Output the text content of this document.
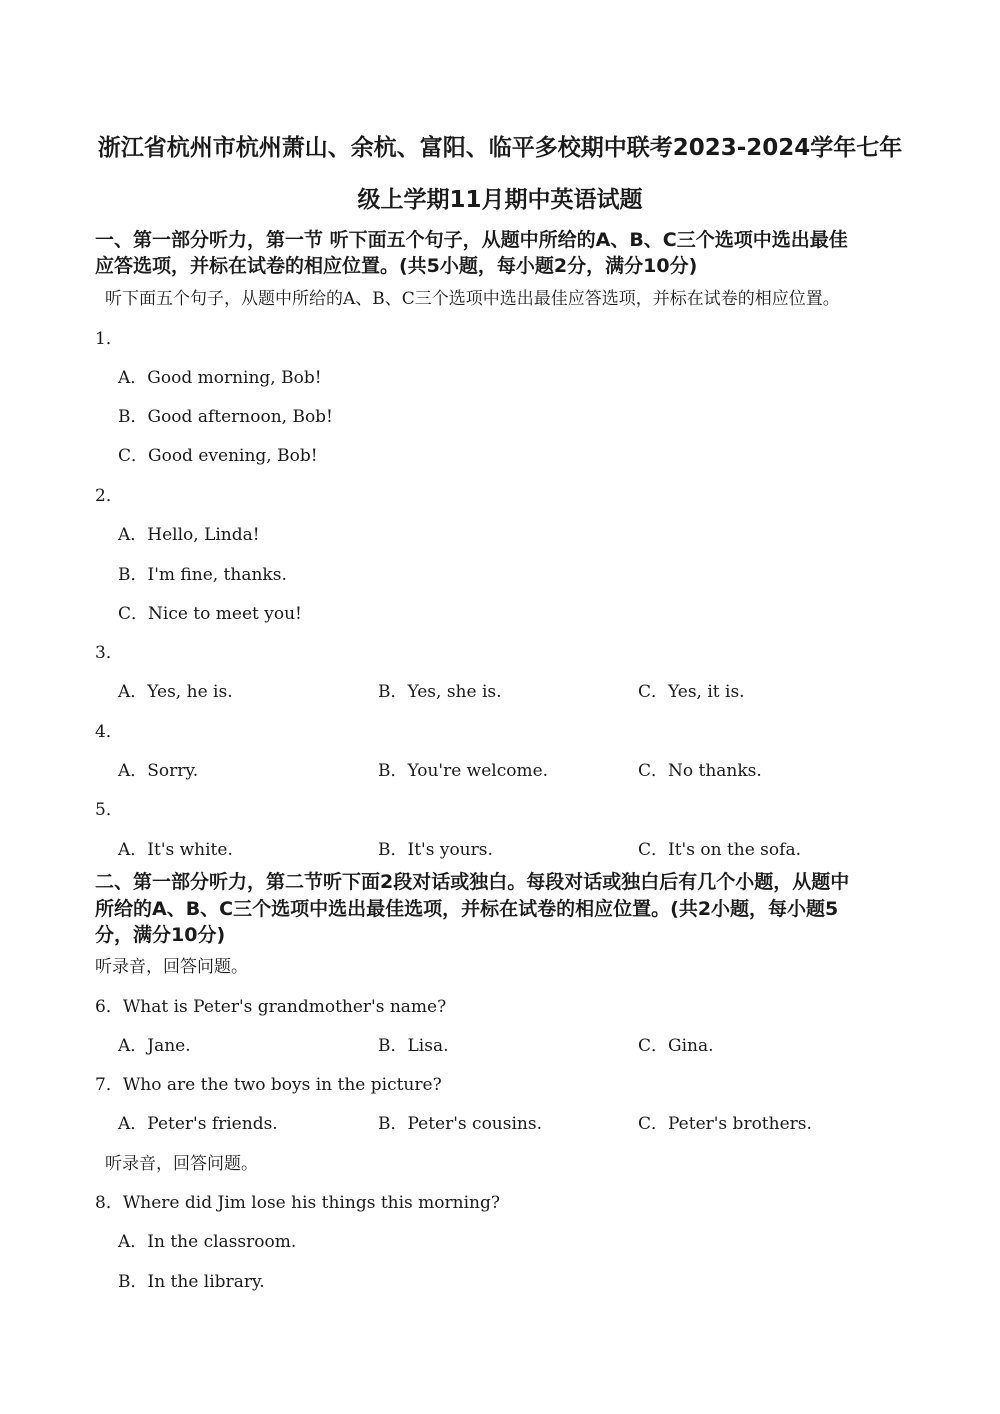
浙江省杭州市杭州萧山、余杭、富阳、临平多校期中联考2023-2024学年七年
级上学期11月期中英语试题
一、第一部分听力，第一节 听下面五个句子，从题中所给的A、B、C三个选项中选出最佳
应答选项，并标在试卷的相应位置。(共5小题，每小题2分，满分10分)
听下面五个句子，从题中所给的A、B、C三个选项中选出最佳应答选项，并标在试卷的相应位置。
1．
A．Good morning, Bob!
B．Good afternoon, Bob!
C．Good evening, Bob!
2．
A．Hello, Linda!
B．I'm fine, thanks.
C．Nice to meet you!
3．
A．Yes, he is.	B．Yes, she is.	C．Yes, it is.
4．
A．Sorry.	B．You're welcome.	C．No thanks.
5．
A．It's white.	B．It's yours.	C．It's on the sofa.
二、第一部分听力，第二节听下面2段对话或独白。每段对话或独白后有几个小题，从题中
所给的A、B、C三个选项中选出最佳选项，并标在试卷的相应位置。(共2小题，每小题5
分，满分10分)
听录音，回答问题。
6．What is Peter's grandmother's name?
A．Jane.	B．Lisa.	C．Gina.
7．Who are the two boys in the picture?
A．Peter's friends.	B．Peter's cousins.	C．Peter's brothers.
听录音，回答问题。
8．Where did Jim lose his things this morning?
A．In the classroom.
B．In the library.
